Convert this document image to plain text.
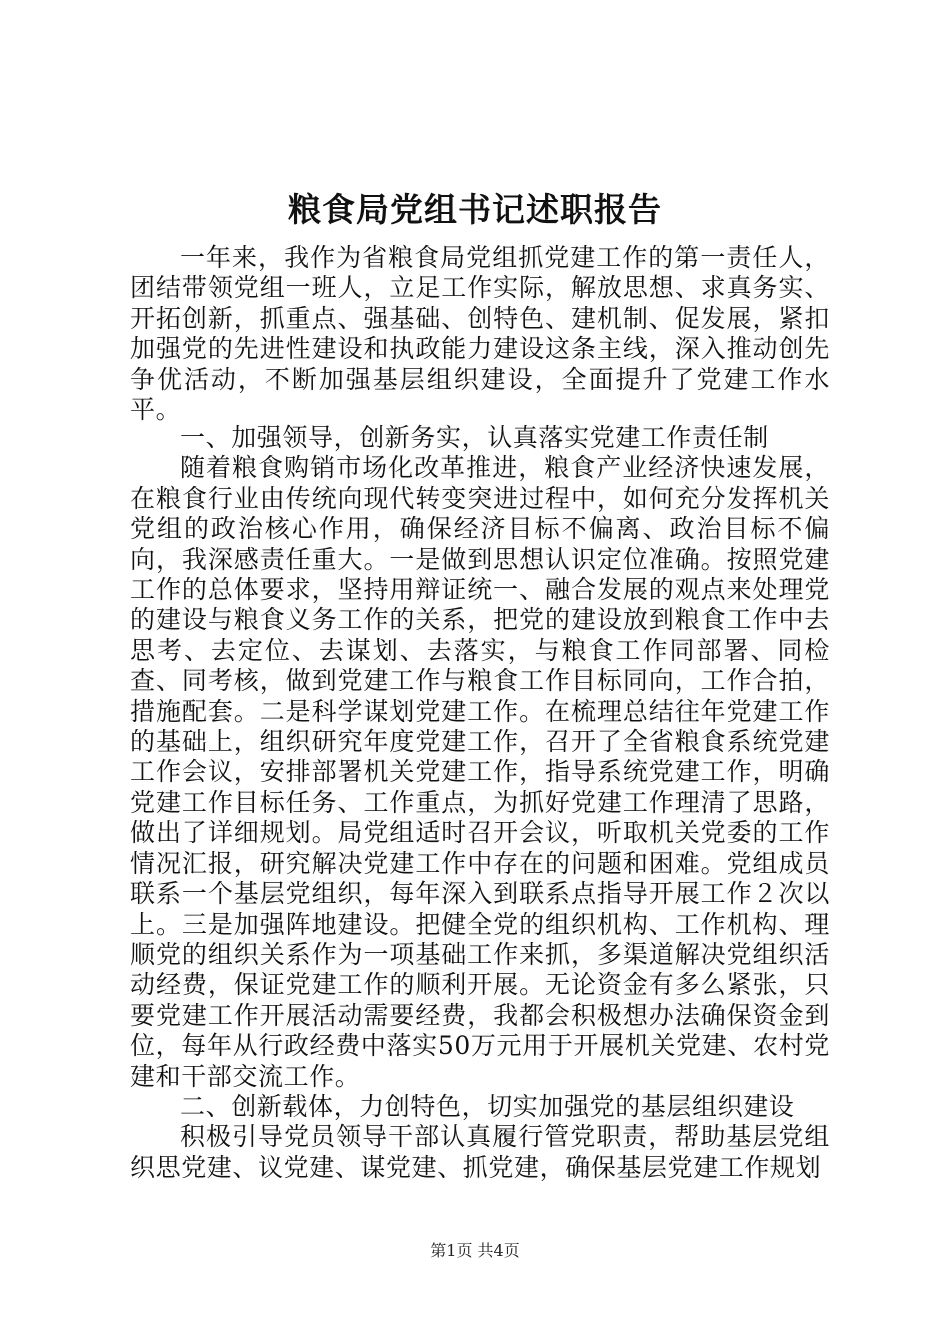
粮食局党组书记述职报告

一年来，我作为省粮食局党组抓党建工作的第一责任人，团结带领党组一班人，立足工作实际，解放思想、求真务实、开拓创新，抓重点、强基础、创特色、建机制、促发展，紧扣加强党的先进性建设和执政能力建设这条主线，深入推动创先争优活动，不断加强基层组织建设，全面提升了党建工作水平。

一、加强领导，创新务实，认真落实党建工作责任制

随着粮食购销市场化改革推进，粮食产业经济快速发展，在粮食行业由传统向现代转变突进过程中，如何充分发挥机关党组的政治核心作用，确保经济目标不偏离、政治目标不偏向，我深感责任重大。一是做到思想认识定位准确。按照党建工作的总体要求，坚持用辩证统一、融合发展的观点来处理党的建设与粮食义务工作的关系，把党的建设放到粮食工作中去思考、去定位、去谋划、去落实，与粮食工作同部署、同检查、同考核，做到党建工作与粮食工作目标同向，工作合拍，措施配套。二是科学谋划党建工作。在梳理总结往年党建工作的基础上，组织研究年度党建工作，召开了全省粮食系统党建工作会议，安排部署机关党建工作，指导系统党建工作，明确党建工作目标任务、工作重点，为抓好党建工作理清了思路，做出了详细规划。局党组适时召开会议，听取机关党委的工作情况汇报，研究解决党建工作中存在的问题和困难。党组成员联系一个基层党组织，每年深入到联系点指导开展工作２次以上。三是加强阵地建设。把健全党的组织机构、工作机构、理顺党的组织关系作为一项基础工作来抓，多渠道解决党组织活动经费，保证党建工作的顺利开展。无论资金有多么紧张，只要党建工作开展活动需要经费，我都会积极想办法确保资金到位，每年从行政经费中落实50万元用于开展机关党建、农村党建和干部交流工作。

二、创新载体，力创特色，切实加强党的基层组织建设

积极引导党员领导干部认真履行管党职责，帮助基层党组织思党建、议党建、谋党建、抓党建，确保基层党建工作规划

第1页 共4页
